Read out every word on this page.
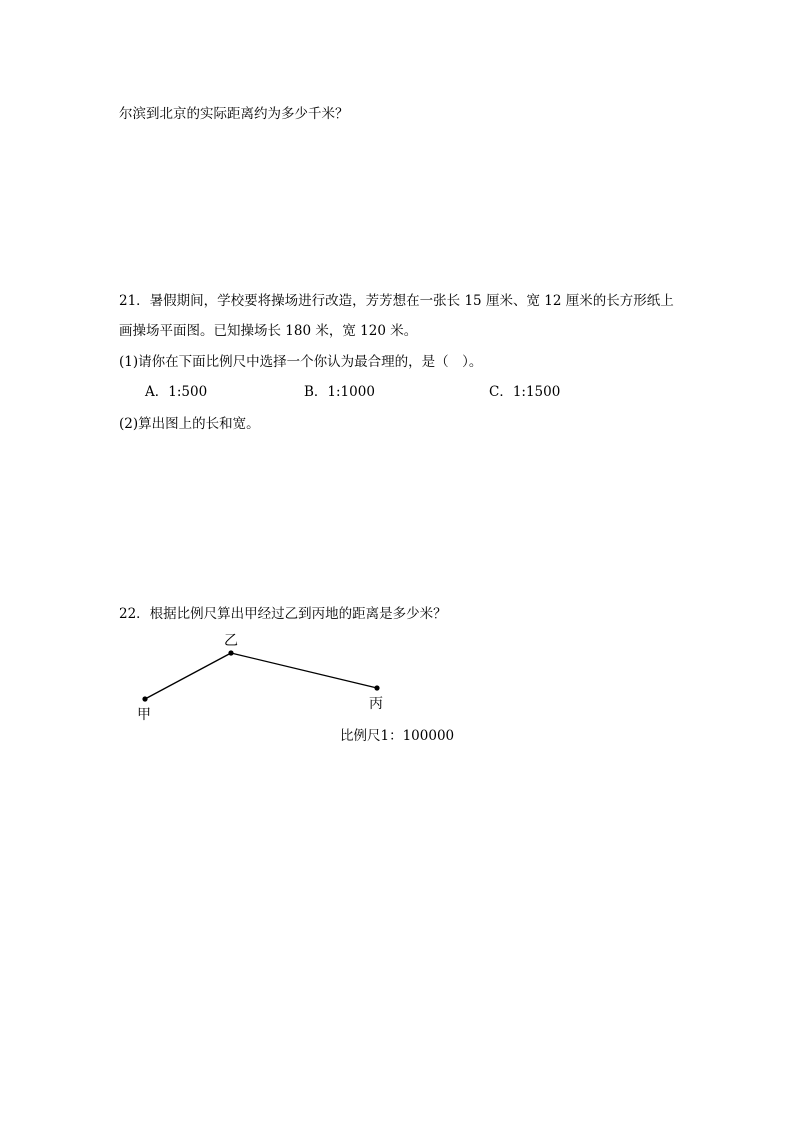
尔滨到北京的实际距离约为多少千米？
21．暑假期间，学校要将操场进行改造，芳芳想在一张长 15 厘米、宽 12 厘米的长方形纸上
画操场平面图。已知操场长 180 米，宽 120 米。
(1)请你在下面比例尺中选择一个你认为最合理的，是（　）。
A．1:500	B．1:1000	C．1:1500
(2)算出图上的长和宽。
22．根据比例尺算出甲经过乙到丙地的距离是多少米？
甲
乙
丙
比例尺1：100000
